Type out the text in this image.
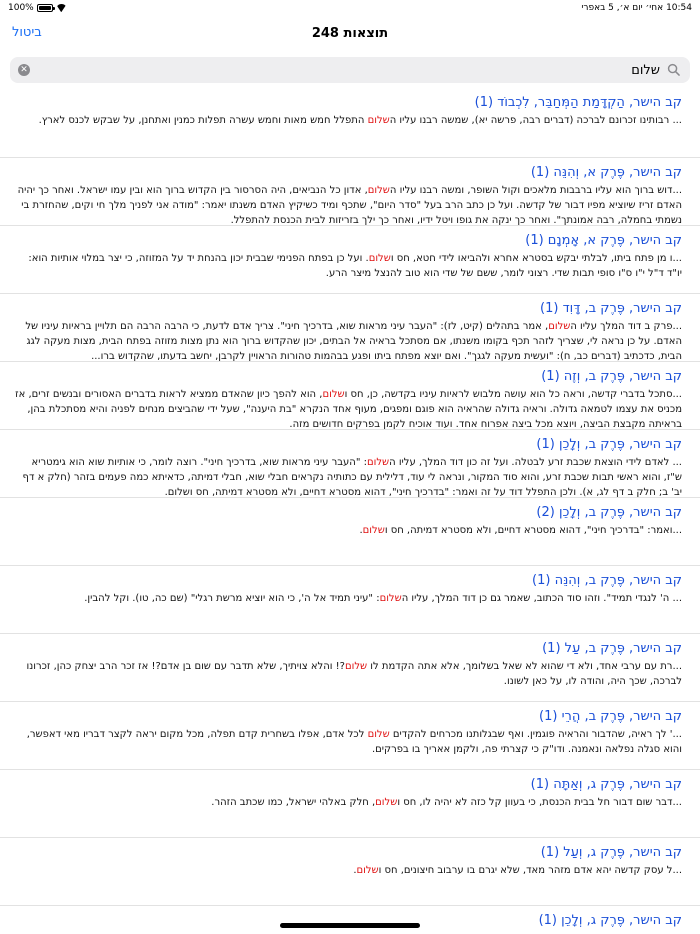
100%	10:54 אחי׳ יום א׳, 5 באפרי
ביטול	248 תוצאות
שלום
✕
קב הישר, הַקְדָּמַת הַמְּחַבֵּר, לִכְבוֹד (1)
... רבותינו זכרונם לברכה (דברים רבה, פרשה יא), שמשה רבנו עליו השלום התפלל חמש מאות וחמש עשרה תפלות כמנין ואתחנן, על שבקש לכנס לארץ.
קב הישר, פֶּרֶק א, וְהִנֵּה (1)
...דוש ברוך הוא עליו ברבבות מלאכים וקול השופר, ומשה רבנו עליו השלום, אדון כל הנביאים, היה הסרסור בין הקדוש ברוך הוא ובין עמו ישראל. ואחר כך יהיה האדם זריז שיוציא מפיו דבור של קדשה. ועל כן כתב הרב בעל "סדר היום", שתכף ומיד כשיקיץ האדם משנתו יאמר: "מודה אני לפניך מלך חי וקים, שהחזרת בי נשמתי בחמלה, רבה אמונתך". ואחר כך ינקה את גופו ויטל ידיו, ואחר כך ילך בזריזות לבית הכנסת להתפלל.
קב הישר, פֶּרֶק א, אָמְנָם (1)
...ו מן פתח ביתו, לבלתי יבקש בסטרא אחרא ולהביאו לידי חטא, חס ושלום. ועל כן בפתח הפנימי שבבית יכון בהנחת יד על המזוזה, כי יצר במלוי אותיות הוא: יו"ד ד"ל י"ו ס"ו סופי תבות שדי. רצוני לומר, ששם של שדי הוא טוב להנצל מיצר הרע.
קב הישר, פֶּרֶק ב, דָּוִד (1)
...פרק ב דוד המלך עליו השלום, אמר בתהלים (קיט, לז): "העבר עיני מראות שוא, בדרכיך חיני". צריך אדם לדעת, כי הרבה הרבה הם תלויין בראיות עיניו של האדם. על כן נראה לי, שצריך לזהר תכף בקומו משנתו, אם מסתכל בראיה אל הבתים, יכון שהקדוש ברוך הוא נתן מצות מזוזה בפתח הבית, מצות מעקה לגג הבית, כדכתיב (דברים כב, ח): "ועשית מעקה לגגך". ואם יוצא מפתח ביתו ופגע בבהמות טהורות הראויין לקרבן, יחשב בדעתו, שהקדוש ברו...
קב הישר, פֶּרֶק ב, וְזֶה (1)
...סתכל בדברי קדשה, וראה כל הוא עושה מלבוש לראיות עיניו בקדשה, כן, חס ושלום, הוא להפך כיון שהאדם ממציא לראות בדברים האסורים ובנשים זרים, אז מכניס את עצמו לטמאה גדולה. וראיה גדולה שהראיה הוא פוגם ומפגים, מעוף אחד הנקרא "בת היענה", שעל ידי שהביצים מנחים לפניה והיא מסתכלת בהן, בראיתה מקבצת הביצה, ויוצא מכל ביצה אפרוח אחד. ועוד אוכיח לקמן בפרקים חדושים מזה.
קב הישר, פֶּרֶק ב, וְלָכֵן (1)
... לאדם לידי הוצאת שכבת זרע לבטלה. ועל זה כון דוד המלך, עליו השלום: "העבר עיני מראות שוא, בדרכיך חיני". רוצה לומר, כי אותיות שוא הוא גימטריא ש"ז, והוא ראשי תבות שכבת זרע, והוא סוד המקור, ונראה לי עוד, דלילית עם כתותיה נקראים חבלי שוא, חבלי דמיתה, כדאיתא כמה פעמים בזהר (חלק א דף יב' ב; חלק ב דף לג, א). ולכן התפלל דוד על זה ואמר: "בדרכיך חיני", דהוא מסטרא דחיים, ולא מסטרא דמיתה, חס ושלום.
קב הישר, פֶּרֶק ב, וְלָכֵן (2)
...ואמר: "בדרכיך חיני", דהוא מסטרא דחיים, ולא מסטרא דמיתה, חס ושלום.
קב הישר, פֶּרֶק ב, וְהִנֵּה (1)
... ה' לנגדי תמיד". וזהו סוד הכתוב, שאמר גם כן דוד המלך, עליו השלום: "עיני תמיד אל ה', כי הוא יוציא מרשת רגלי" (שם כה, טו). וקל להבין.
קב הישר, פֶּרֶק ב, עַל (1)
...רת עם ערבי אחד, ולא די שהוא לא שאל בשלומך, אלא אתה הקדמת לו שלום?! והלא צויתיך, שלא תדבר עם שום בן אדם?! אז זכר הרב יצחק כהן, זכרונו לברכה, שכך היה, והודה לו, על כאן לשונו.
קב הישר, פֶּרֶק ב, הֲרֵי (1)
...' לך ראיה, שהדבור והראיה פוגמין. ואף שבגלותנו מכרחים להקדים שלום לכל אדם, אפלו בשחרית קדם תפלה, מכל מקום יראה לקצר דבריו מאי דאפשר, והוא סגלה נפלאה ונאמנה. ודו"ק כי קצרתי פה, ולקמן אאריך בו בפרקים.
קב הישר, פֶּרֶק ג, וְאַתָּה (1)
...דבר שום דבור חל בבית הכנסת, כי בעוון קל כזה לא יהיה לו, חס ושלום, חלק באלהי ישראל, כמו שכתב הזהר.
קב הישר, פֶּרֶק ג, וְעַל (1)
...ל עסק קדשה יהא אדם מזהר מאד, שלא יגרם בו ערבוב חיצונים, חס ושלום.
קב הישר, פֶּרֶק ג, וְלָכֵן (1)
